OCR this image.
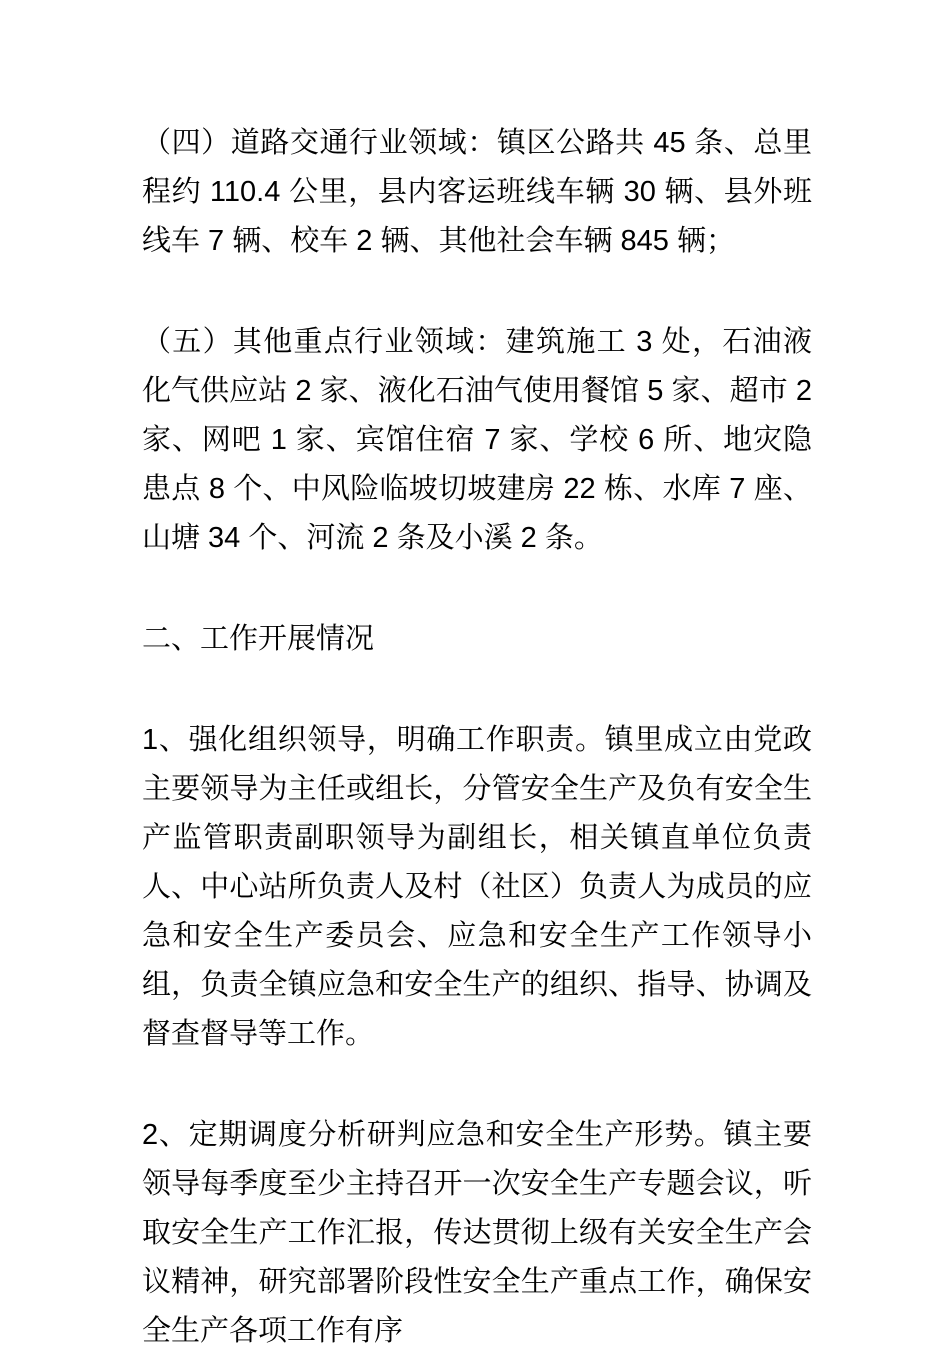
（四）道路交通行业领域：镇区公路共 45 条、总里程约 110.4 公里，县内客运班线车辆 30 辆、县外班线车 7 辆、校车 2 辆、其他社会车辆 845 辆；

（五）其他重点行业领域：建筑施工 3 处，石油液化气供应站 2 家、液化石油气使用餐馆 5 家、超市 2 家、网吧 1 家、宾馆住宿 7 家、学校 6 所、地灾隐患点 8 个、中风险临坡切坡建房 22 栋、水库 7 座、山塘 34 个、河流 2 条及小溪 2 条。

二、工作开展情况

1、强化组织领导，明确工作职责。镇里成立由党政主要领导为主任或组长，分管安全生产及负有安全生产监管职责副职领导为副组长，相关镇直单位负责人、中心站所负责人及村（社区）负责人为成员的应急和安全生产委员会、应急和安全生产工作领导小组，负责全镇应急和安全生产的组织、指导、协调及督查督导等工作。

2、定期调度分析研判应急和安全生产形势。镇主要领导每季度至少主持召开一次安全生产专题会议，听取安全生产工作汇报，传达贯彻上级有关安全生产会议精神，研究部署阶段性安全生产重点工作，确保安全生产各项工作有序
